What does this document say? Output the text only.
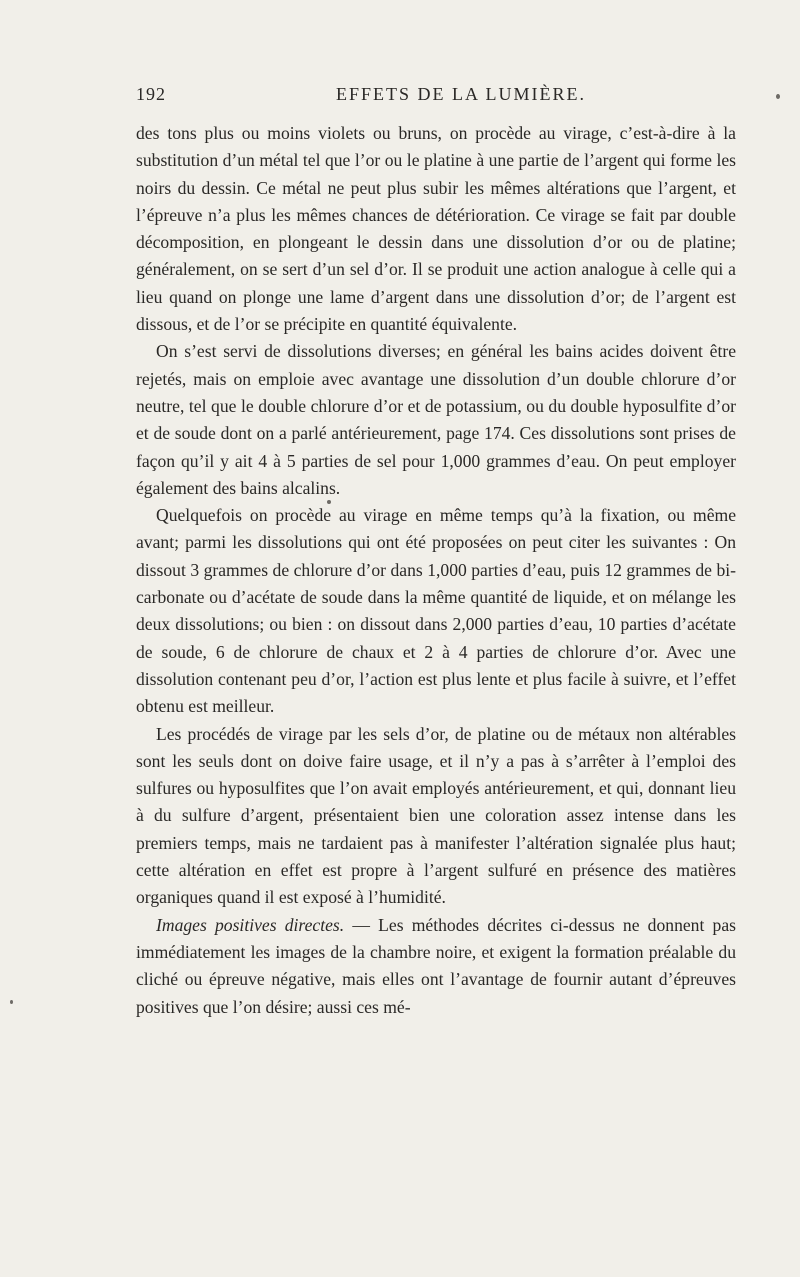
192	EFFETS DE LA LUMIÈRE.

des tons plus ou moins violets ou bruns, on procède au virage, c’est-à-dire à la substitution d’un métal tel que l’or ou le platine à une partie de l’argent qui forme les noirs du dessin. Ce métal ne peut plus subir les mêmes altérations que l’argent, et l’épreuve n’a plus les mêmes chances de détérioration. Ce virage se fait par double décomposition, en plongeant le dessin dans une dissolution d’or ou de platine; généralement, on se sert d’un sel d’or. Il se produit une action analogue à celle qui a lieu quand on plonge une lame d’argent dans une dissolution d’or; de l’argent est dissous, et de l’or se précipite en quantité équivalente.

On s’est servi de dissolutions diverses; en général les bains acides doivent être rejetés, mais on emploie avec avantage une dissolution d’un double chlorure d’or neutre, tel que le double chlorure d’or et de potassium, ou du double hyposulfite d’or et de soude dont on a parlé antérieurement, page 174. Ces dissolutions sont prises de façon qu’il y ait 4 à 5 parties de sel pour 1,000 grammes d’eau. On peut employer également des bains alcalins.

Quelquefois on procède au virage en même temps qu’à la fixation, ou même avant; parmi les dissolutions qui ont été proposées on peut citer les suivantes : On dissout 3 grammes de chlorure d’or dans 1,000 parties d’eau, puis 12 grammes de bi-carbonate ou d’acétate de soude dans la même quantité de liquide, et on mélange les deux dissolutions; ou bien : on dissout dans 2,000 parties d’eau, 10 parties d’acétate de soude, 6 de chlorure de chaux et 2 à 4 parties de chlorure d’or. Avec une dissolution contenant peu d’or, l’action est plus lente et plus facile à suivre, et l’effet obtenu est meilleur.

Les procédés de virage par les sels d’or, de platine ou de métaux non altérables sont les seuls dont on doive faire usage, et il n’y a pas à s’arrêter à l’emploi des sulfures ou hyposulfites que l’on avait employés antérieurement, et qui, donnant lieu à du sulfure d’argent, présentaient bien une coloration assez intense dans les premiers temps, mais ne tardaient pas à manifester l’altération signalée plus haut; cette altération en effet est propre à l’argent sulfuré en présence des matières organiques quand il est exposé à l’humidité.

Images positives directes. — Les méthodes décrites ci-dessus ne donnent pas immédiatement les images de la chambre noire, et exigent la formation préalable du cliché ou épreuve négative, mais elles ont l’avantage de fournir autant d’épreuves positives que l’on désire; aussi ces mé-
